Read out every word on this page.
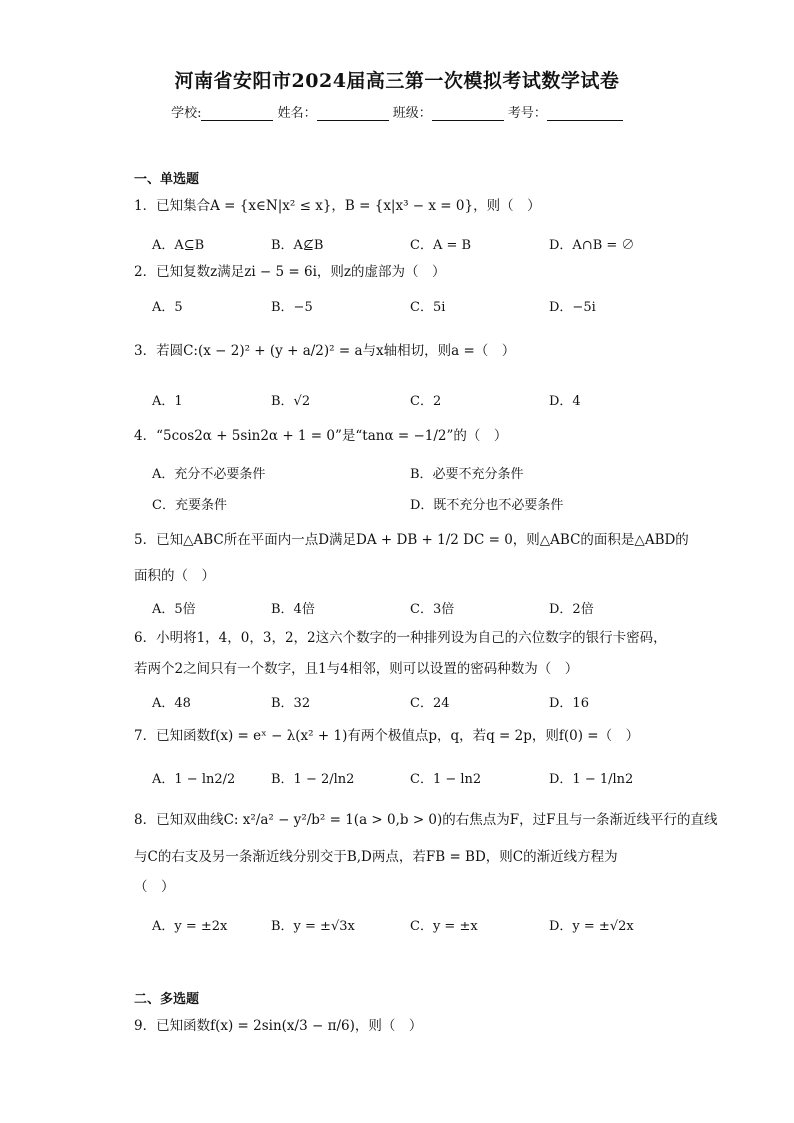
河南省安阳市2024届高三第一次模拟考试数学试卷
学校:	姓名：	班级：	考号：
一、单选题
1．已知集合A = {x∈N|x² ≤ x}，B = {x|x³ − x = 0}，则（　）
A．A⊆B	B．A⊈B	C．A = B	D．A∩B = ∅
2．已知复数z满足zi − 5 = 6i，则z的虚部为（　）
A．5	B．−5	C．5i	D．−5i
3．若圆C:(x − 2)² + (y + a/2)² = a与x轴相切，则a =（　）
A．1	B．√2	C．2	D．4
4．“5cos2α + 5sin2α + 1 = 0”是“tanα = −1/2”的（　）
A．充分不必要条件	B．必要不充分条件
C．充要条件	D．既不充分也不必要条件
5．已知△ABC所在平面内一点D满足DA + DB + 1/2 DC = 0，则△ABC的面积是△ABD的
面积的（　）
A．5倍	B．4倍	C．3倍	D．2倍
6．小明将1，4，0，3，2，2这六个数字的一种排列设为自己的六位数字的银行卡密码，
若两个2之间只有一个数字，且1与4相邻，则可以设置的密码种数为（　）
A．48	B．32	C．24	D．16
7．已知函数f(x) = eˣ − λ(x² + 1)有两个极值点p，q，若q = 2p，则f(0) =（　）
A．1 − ln2/2	B．1 − 2/ln2	C．1 − ln2	D．1 − 1/ln2
8．已知双曲线C: x²/a² − y²/b² = 1(a > 0,b > 0)的右焦点为F，过F且与一条渐近线平行的直线
与C的右支及另一条渐近线分别交于B,D两点，若FB = BD，则C的渐近线方程为
（　）
A．y = ±2x	B．y = ±√3x	C．y = ±x	D．y = ±√2x
二、多选题
9．已知函数f(x) = 2sin(x/3 − π/6)，则（　）
